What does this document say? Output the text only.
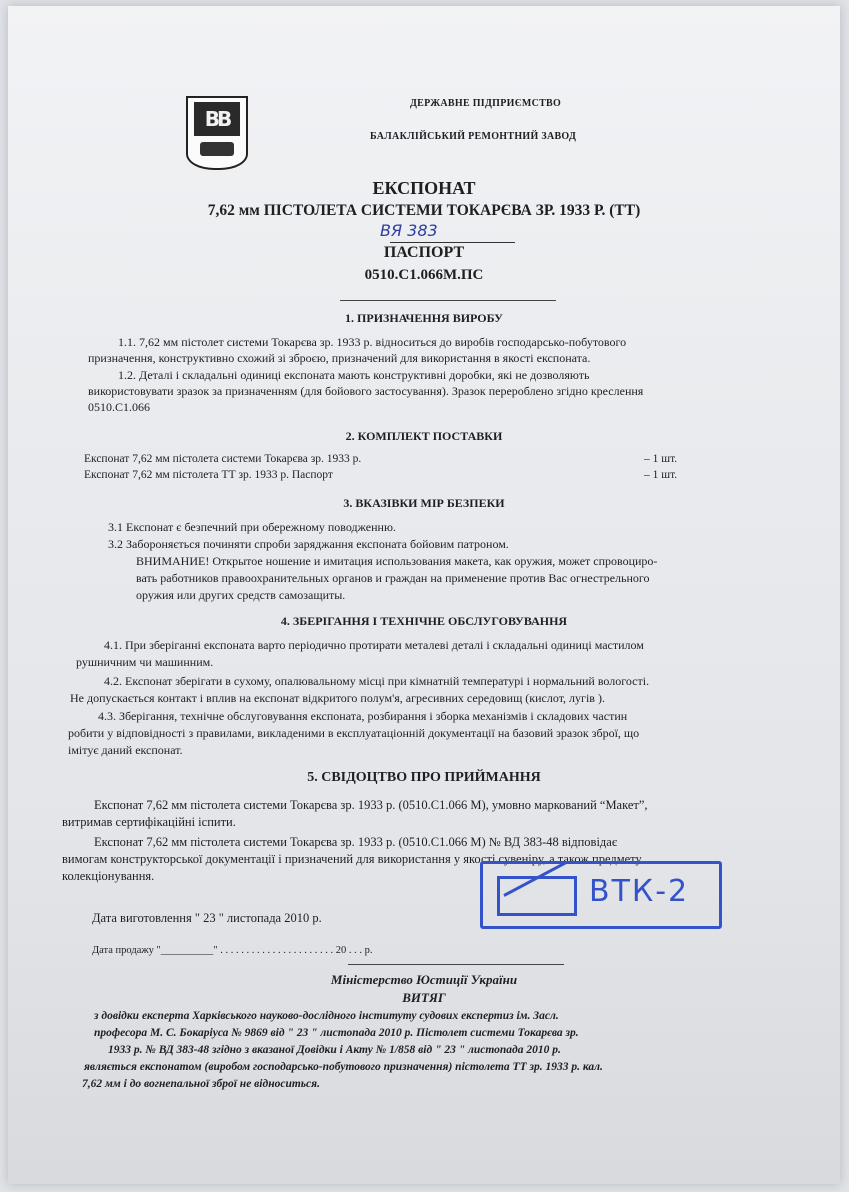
BB
ДЕРЖАВНЕ ПІДПРИЄМСТВО
БАЛАКЛІЙСЬКИЙ РЕМОНТНИЙ ЗАВОД
ЕКСПОНАТ
7,62 мм ПІСТОЛЕТА СИСТЕМИ ТОКАРЄВА ЗР. 1933 Р. (ТТ)
ВЯ 383
ПАСПОРТ
0510.С1.066М.ПС
1. ПРИЗНАЧЕННЯ ВИРОБУ
1.1. 7,62 мм пістолет системи Токарєва зр. 1933 р. відноситься до виробів господарсько-побутового
призначення, конструктивно схожий зі зброєю, призначений для використання в якості експоната.
1.2. Деталі і складальні одиниці експоната мають конструктивні доробки, які не дозволяють
використовувати зразок за призначенням (для бойового застосування). Зразок перероблено згідно креслення
0510.С1.066
2. КОМПЛЕКТ ПОСТАВКИ
Експонат 7,62 мм пістолета системи Токарєва зр. 1933 р.	– 1 шт.
Експонат 7,62 мм пістолета ТТ зр. 1933 р. Паспорт	– 1 шт.
3. ВКАЗІВКИ МІР БЕЗПЕКИ
3.1 Експонат є безпечний при обережному поводженню.
3.2 Забороняється починяти спроби заряджання експоната бойовим патроном.
ВНИМАНИЕ! Открытое ношение и имитация использования макета, как оружия, может спровоциро-
вать работников правоохранительных органов и граждан на применение против Вас огнестрельного
оружия или других средств самозащиты.
4. ЗБЕРІГАННЯ І ТЕХНІЧНЕ ОБСЛУГОВУВАННЯ
4.1. При зберіганні експоната варто періодично протирати металеві деталі і складальні одиниці мастилом
рушничним чи машинним.
4.2. Експонат зберігати в сухому, опалювальному місці при кімнатній температурі і нормальний вологості.
Не допускається контакт і вплив на експонат відкритого полум'я, агресивних середовищ (кислот, лугів ).
4.3. Зберігання, технічне обслуговування експоната, розбирання і зборка механізмів і складових частин
робити у відповідності з правилами, викладеними в експлуатаціонній документації на базовий зразок зброї, що
імітує даний експонат.
5. СВІДОЦТВО ПРО ПРИЙМАННЯ
Експонат 7,62 мм пістолета системи Токарєва зр. 1933 р. (0510.С1.066 М), умовно маркований “Макет”,
витримав сертифікаційні іспити.
Експонат 7,62 мм пістолета системи Токарєва зр. 1933 р. (0510.С1.066 М) № ВД 383-48 відповідає
вимогам конструкторської документації і призначений для використання у якості сувеніру, а також предмету
колекціонування.
Дата виготовлення " 23 " листопада 2010 р.
Дата продажу "__________" . . . . . . . . . . . . . . . . . . . . . . 20 . . . р.
ВТК-2
Міністерство Юстиції України
ВИТЯГ
з довідки експерта Харківського науково-дослідного інституту судових експертиз ім. Засл.
професора М. С. Бокаріуса № 9869 від " 23 " листопада 2010 р. Пістолет системи Токарєва зр.
1933 р. № ВД 383-48 згідно з вказаної Довідки і Акту № 1/858 від " 23 " листопада 2010 р.
являється експонатом (виробом господарсько-побутового призначення) пістолета ТТ зр. 1933 р. кал.
7,62 мм і до вогнепальної зброї не відноситься.
